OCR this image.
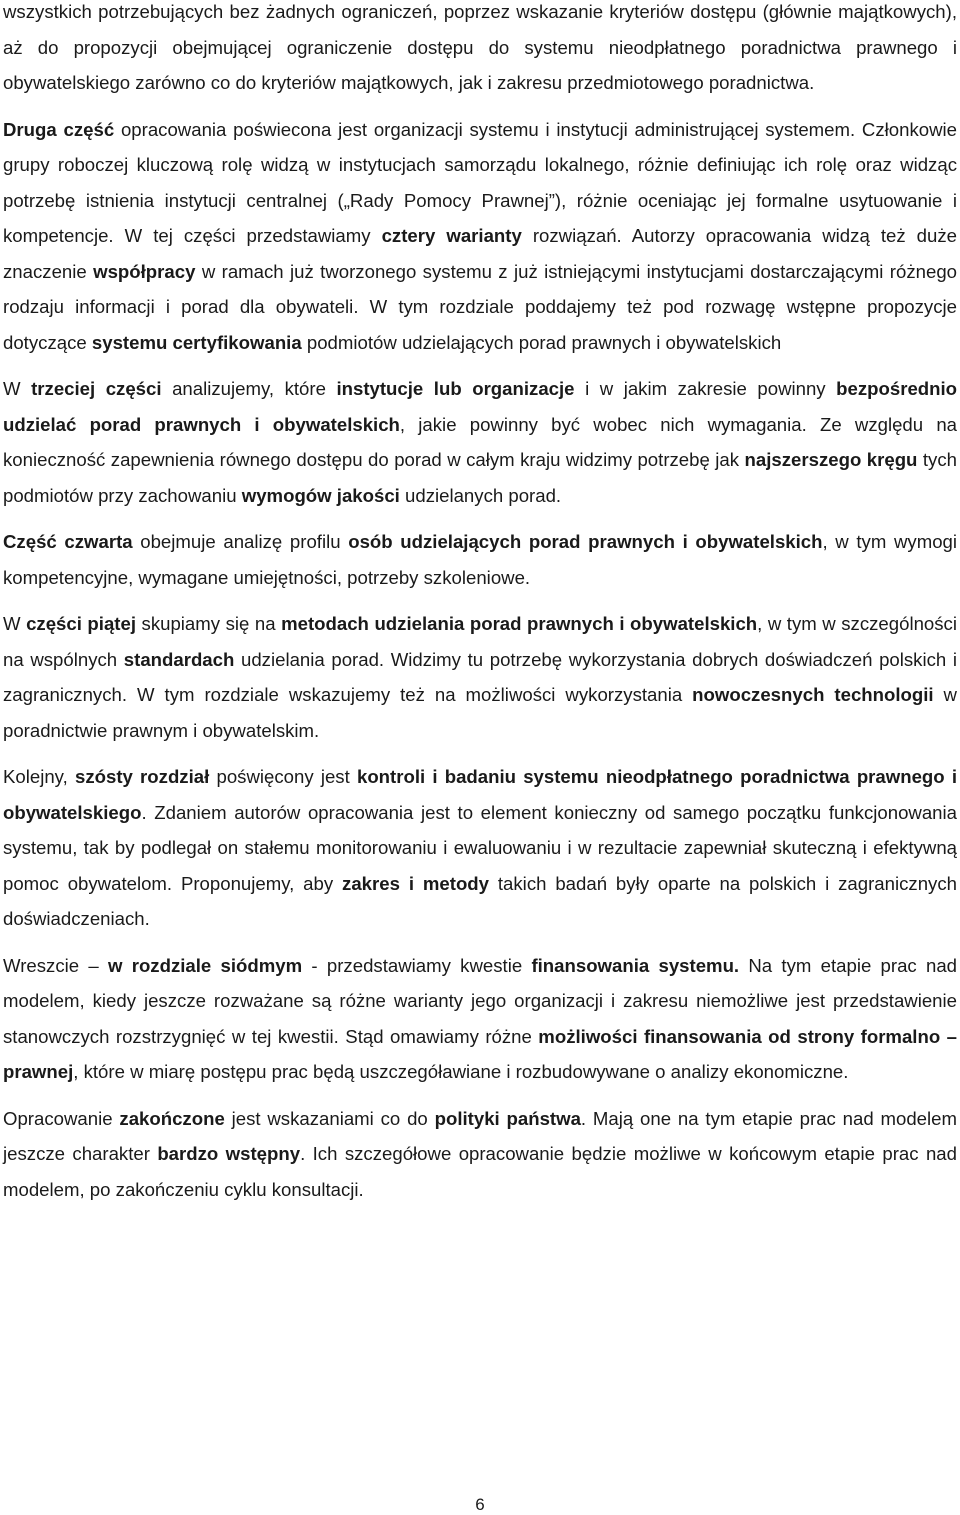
wszystkich potrzebujących bez żadnych ograniczeń, poprzez wskazanie kryteriów dostępu (głównie majątkowych), aż do propozycji obejmującej ograniczenie dostępu do systemu nieodpłatnego poradnictwa prawnego i obywatelskiego zarówno co do kryteriów majątkowych, jak i zakresu przedmiotowego poradnictwa.

Druga część opracowania poświecona jest organizacji systemu i instytucji administrującej systemem. Członkowie grupy roboczej kluczową rolę widzą w instytucjach samorządu lokalnego, różnie definiując ich rolę oraz widząc potrzebę istnienia instytucji centralnej („Rady Pomocy Prawnej”), różnie oceniając jej formalne usytuowanie i kompetencje. W tej części przedstawiamy cztery warianty rozwiązań. Autorzy opracowania widzą też duże znaczenie współpracy w ramach już tworzonego systemu z już istniejącymi instytucjami dostarczającymi różnego rodzaju informacji i porad dla obywateli. W tym rozdziale poddajemy też pod rozwagę wstępne propozycje dotyczące systemu certyfikowania podmiotów udzielających porad prawnych i obywatelskich

W trzeciej części analizujemy, które instytucje lub organizacje i w jakim zakresie powinny bezpośrednio udzielać porad prawnych i obywatelskich, jakie powinny być wobec nich wymagania. Ze względu na konieczność zapewnienia równego dostępu do porad w całym kraju widzimy potrzebę jak najszerszego kręgu tych podmiotów przy zachowaniu wymogów jakości udzielanych porad.

Część czwarta obejmuje analizę profilu osób udzielających porad prawnych i obywatelskich, w tym wymogi kompetencyjne, wymagane umiejętności, potrzeby szkoleniowe.

W części piątej skupiamy się na metodach udzielania porad prawnych i obywatelskich, w tym w szczególności na wspólnych standardach udzielania porad. Widzimy tu potrzebę wykorzystania dobrych doświadczeń polskich i zagranicznych. W tym rozdziale wskazujemy też na możliwości wykorzystania nowoczesnych technologii w poradnictwie prawnym i obywatelskim.

Kolejny, szósty rozdział poświęcony jest kontroli i badaniu systemu nieodpłatnego poradnictwa prawnego i obywatelskiego. Zdaniem autorów opracowania jest to element konieczny od samego początku funkcjonowania systemu, tak by podlegał on stałemu monitorowaniu i ewaluowaniu i w rezultacie zapewniał skuteczną i efektywną pomoc obywatelom. Proponujemy, aby zakres i metody takich badań były oparte na polskich i zagranicznych doświadczeniach.

Wreszcie – w rozdziale siódmym - przedstawiamy kwestie finansowania systemu. Na tym etapie prac nad modelem, kiedy jeszcze rozważane są różne warianty jego organizacji i zakresu niemożliwe jest przedstawienie stanowczych rozstrzygnięć w tej kwestii. Stąd omawiamy różne możliwości finansowania od strony formalno – prawnej, które w miarę postępu prac będą uszczegóławiane i rozbudowywane o analizy ekonomiczne.

Opracowanie zakończone jest wskazaniami co do polityki państwa. Mają one na tym etapie prac nad modelem jeszcze charakter bardzo wstępny. Ich szczegółowe opracowanie będzie możliwe w końcowym etapie prac nad modelem, po zakończeniu cyklu konsultacji.

6
